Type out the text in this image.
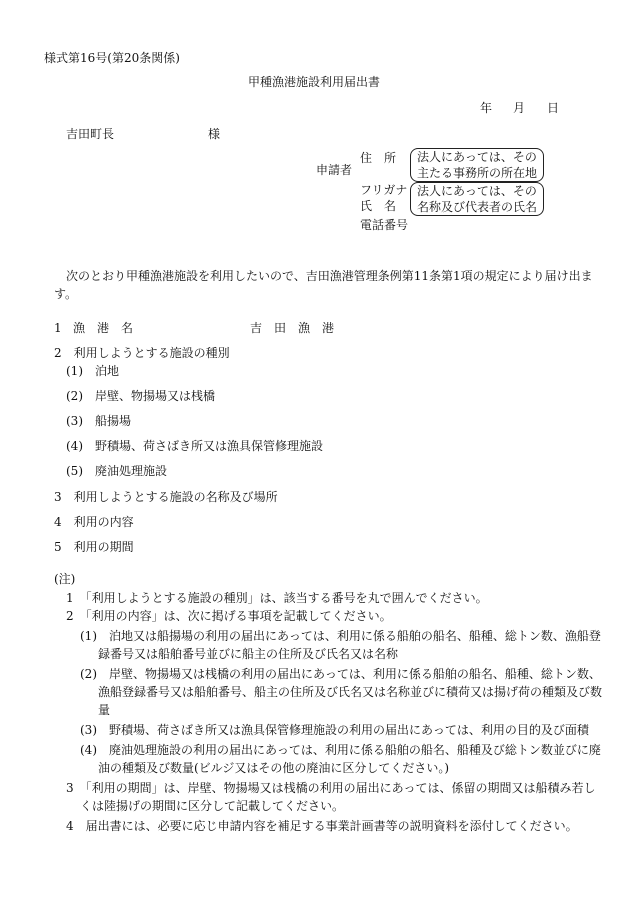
様式第16号(第20条関係)
甲種漁港施設利用届出書
年 月 日
吉田町長	様
申請者
住　所 法人にあっては、その
主たる事務所の所在地
フリガナ
氏　名
法人にあっては、その
名称及び代表者の氏名
電話番号
次のとおり甲種漁港施設を利用したいので、吉田漁港管理条例第11条第1項の規定により届け出ま
す。
1 漁　港　名	吉　田　漁　港
2　利用しようとする施設の種別
(1)　泊地
(2)　岸壁、物揚場又は桟橋
(3)　船揚場
(4)　野積場、荷さばき所又は漁具保管修理施設
(5)　廃油処理施設
3　利用しようとする施設の名称及び場所
4　利用の内容
5　利用の期間
(注)
1　「利用しようとする施設の種別」は、該当する番号を丸で囲んでください。
2　「利用の内容」は、次に掲げる事項を記載してください。
(1)　泊地又は船揚場の利用の届出にあっては、利用に係る船舶の船名、船種、総トン数、漁船登
録番号又は船舶番号並びに船主の住所及び氏名又は名称
(2)　岸壁、物揚場又は桟橋の利用の届出にあっては、利用に係る船舶の船名、船種、総トン数、
漁船登録番号又は船舶番号、船主の住所及び氏名又は名称並びに積荷又は揚げ荷の種類及び数
量
(3)　野積場、荷さばき所又は漁具保管修理施設の利用の届出にあっては、利用の目的及び面積
(4)　廃油処理施設の利用の届出にあっては、利用に係る船舶の船名、船種及び総トン数並びに廃
油の種類及び数量(ビルジ又はその他の廃油に区分してください。)
3　「利用の期間」は、岸壁、物揚場又は桟橋の利用の届出にあっては、係留の期間又は船積み若し
くは陸揚げの期間に区分して記載してください。
4　届出書には、必要に応じ申請内容を補足する事業計画書等の説明資料を添付してください。
